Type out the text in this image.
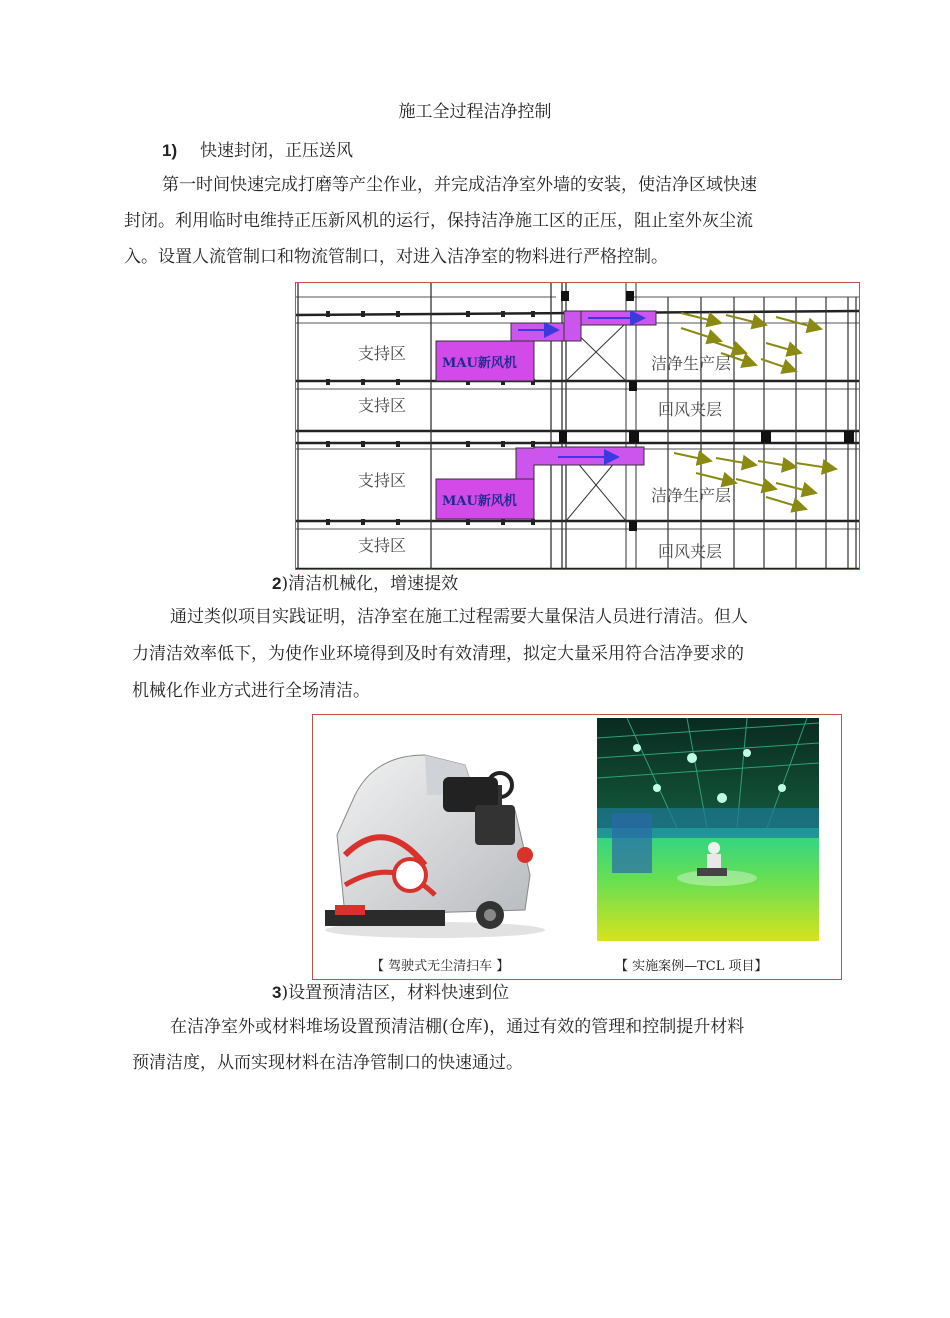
施工全过程洁净控制
1) 快速封闭，正压送风
第一时间快速完成打磨等产尘作业，并完成洁净室外墙的安装，使洁净区域快速
封闭。利用临时电维持正压新风机的运行，保持洁净施工区的正压，阻止室外灰尘流
入。设置人流管制口和物流管制口，对进入洁净室的物料进行严格控制。
支持区
支持区
支持区
支持区
MAU新风机
MAU新风机
洁净生产层
洁净生产层
回风夹层
回风夹层
2)清洁机械化，增速提效
通过类似项目实践证明，洁净室在施工过程需要大量保洁人员进行清洁。但人
力清洁效率低下，为使作业环境得到及时有效清理，拟定大量采用符合洁净要求的
机械化作业方式进行全场清洁。
【 驾驶式无尘清扫车 】	【 实施案例—TCL 项目】
3)设置预清洁区，材料快速到位
在洁净室外或材料堆场设置预清洁棚(仓库)，通过有效的管理和控制提升材料
预清洁度，从而实现材料在洁净管制口的快速通过。
